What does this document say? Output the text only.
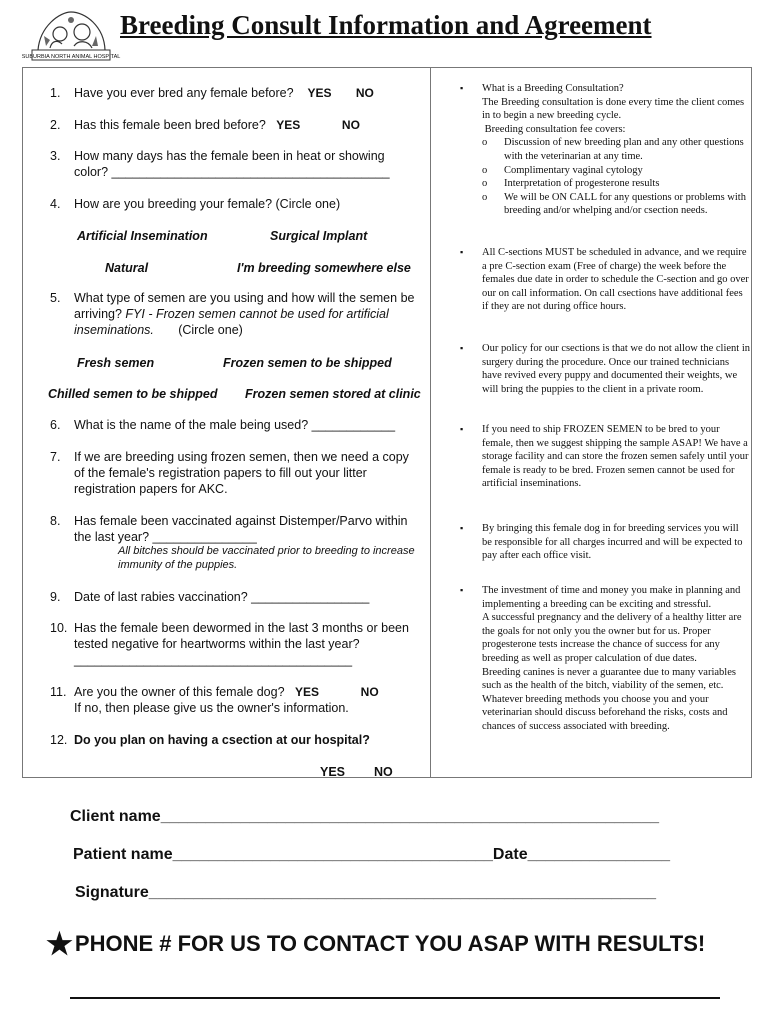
SUBURBIA NORTH ANIMAL HOSPITAL
Breeding Consult Information and Agreement
1.	Have you ever bred any female before? YES NO
2.	Has this female been bred before? YES	NO
3.	How many days has the female been in heat or showing color? ________________________________________
4.	How are you breeding your female? (Circle one)
Artificial Insemination	Surgical Implant
Natural	I'm breeding somewhere else
5.	What type of semen are you using and how will the semen be arriving? FYI - Frozen semen cannot be used for artificial inseminations. (Circle one)
Fresh semen	Frozen semen to be shipped
Chilled semen to be shipped Frozen semen stored at clinic
6.	What is the name of the male being used? ____________
7.	If we are breeding using frozen semen, then we need a copy of the female's registration papers to fill out your litter registration papers for AKC.
8.	Has female been vaccinated against Distemper/Parvo within the last year? _______________
All bitches should be vaccinated prior to breeding to increase immunity of the puppies.
9.	Date of last rabies vaccination? _________________
10. Has the female been dewormed in the last 3 months or been tested negative for heartworms within the last year? ________________________________________
11. Are you the owner of this female dog? YES	NO
If no, then please give us the owner's information.
12. Do you plan on having a csection at our hospital?
YES NO
▪ What is a Breeding Consultation?
The Breeding consultation is done every time the client comes in to begin a new breeding cycle.
Breeding consultation fee covers:
o Discussion of new breeding plan and any other questions with the veterinarian at any time.
o Complimentary vaginal cytology
o Interpretation of progesterone results
o We will be ON CALL for any questions or problems with breeding and/or whelping and/or csection needs.
▪ All C-sections MUST be scheduled in advance, and we require a pre C-section exam (Free of charge) the week before the females due date in order to schedule the C-section and go over our on call information. On call csections have additional fees if they are not during office hours.
▪ Our policy for our csections is that we do not allow the client in surgery during the procedure. Once our trained technicians have revived every puppy and documented their weights, we will bring the puppies to the client in a private room.
▪ If you need to ship FROZEN SEMEN to be bred to your female, then we suggest shipping the sample ASAP! We have a storage facility and can store the frozen semen safely until your female is ready to be bred. Frozen semen cannot be used for artificial inseminations.
▪ By bringing this female dog in for breeding services you will be responsible for all charges incurred and will be expected to pay after each office visit.
▪ The investment of time and money you make in planning and implementing a breeding can be exciting and stressful.
A successful pregnancy and the delivery of a healthy litter are the goals for not only you the owner but for us. Proper progesterone tests increase the chance of success for any breeding as well as proper calculation of due dates.
Breeding canines is never a guarantee due to many variables such as the health of the bitch, viability of the semen, etc.
Whatever breeding methods you choose you and your veterinarian should discuss beforehand the risks, costs and chances of success associated with breeding.
Client name________________________________________________________
Patient name____________________________________Date________________
Signature_________________________________________________________
★PHONE # FOR US TO CONTACT YOU ASAP WITH RESULTS!
